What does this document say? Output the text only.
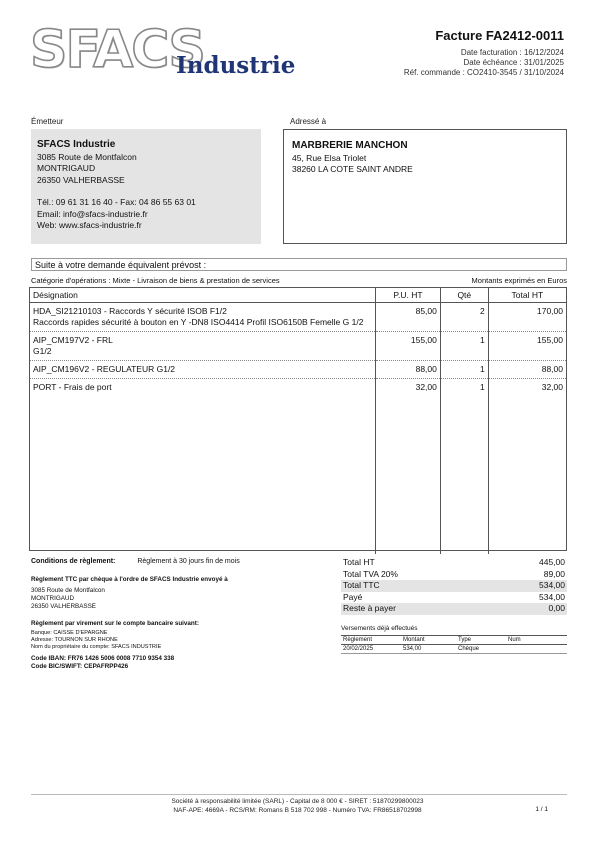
SFACS
Industrie
Facture FA2412-0011
Date facturation : 16/12/2024
Date échéance : 31/01/2025
Réf. commande : CO2410-3545 / 31/10/2024
Émetteur
SFACS Industrie
3085 Route de Montfalcon
MONTRIGAUD
26350 VALHERBASSE
Tél.: 09 61 31 16 40 - Fax: 04 86 55 63 01
Email: info@sfacs-industrie.fr
Web: www.sfacs-industrie.fr
Adressé à
MARBRERIE MANCHON
45, Rue Elsa Triolet
38260 LA COTE SAINT ANDRE
Suite à votre demande équivalent prévost :
Catégorie d'opérations : Mixte - Livraison de biens & prestation de services	Montants exprimés en Euros
Désignation	P.U. HT	Qté	Total HT

HDA_SI21210103 - Raccords Y sécurité ISOB F1/2
Raccords rapides sécurité à bouton en Y -DN8 ISO4414 Profil ISO6150B Femelle G 1/2	85,00	2	170,00

AIP_CM197V2 - FRL
G1/2	155,00	1	155,00

AIP_CM196V2 - REGULATEUR G1/2	88,00	1	88,00

PORT - Frais de port	32,00	1	32,00

Conditions de règlement:	Règlement à 30 jours fin de mois
Règlement TTC par chèque à l'ordre de SFACS Industrie envoyé à
3085 Route de Montfalcon
MONTRIGAUD
26350 VALHERBASSE
Règlement par virement sur le compte bancaire suivant:
Banque: CAISSE D'EPARGNE
Adresse: TOURNON SUR RHONE
Nom du propriétaire du compte: SFACS INDUSTRIE
Code IBAN: FR76 1426 5006 0008 7710 9354 338
Code BIC/SWIFT: CEPAFRPP426
Total HT	445,00
Total TVA 20%	89,00
Total TTC	534,00
Payé	534,00
Reste à payer	0,00
Versements déjà effectués
Règlement	Montant	Type	Num
20/02/2025	534,00	Chèque	
Société à responsabilité limitée (SARL) - Capital de 8 000 € - SIRET : 51870299800023
NAF-APE: 4669A - RCS/RM: Romans B 518 702 998 - Numéro TVA: FR86518702998	1 / 1
